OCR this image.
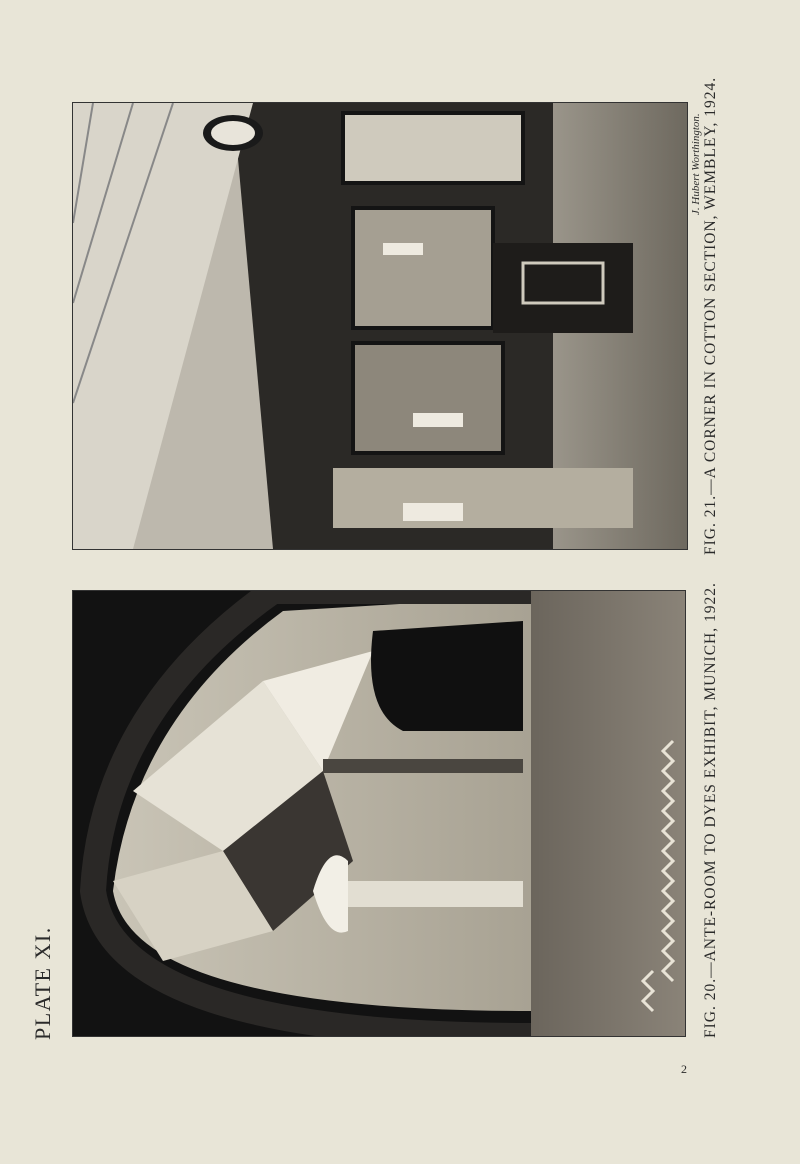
PLATE XI.	FIG. 20.—ANTE-ROOM TO DYES EXHIBIT, MUNICH, 1922.
FIG. 21.—A CORNER IN COTTON SECTION, WEMBLEY, 1924.
J. Hubert Worthington.
2
